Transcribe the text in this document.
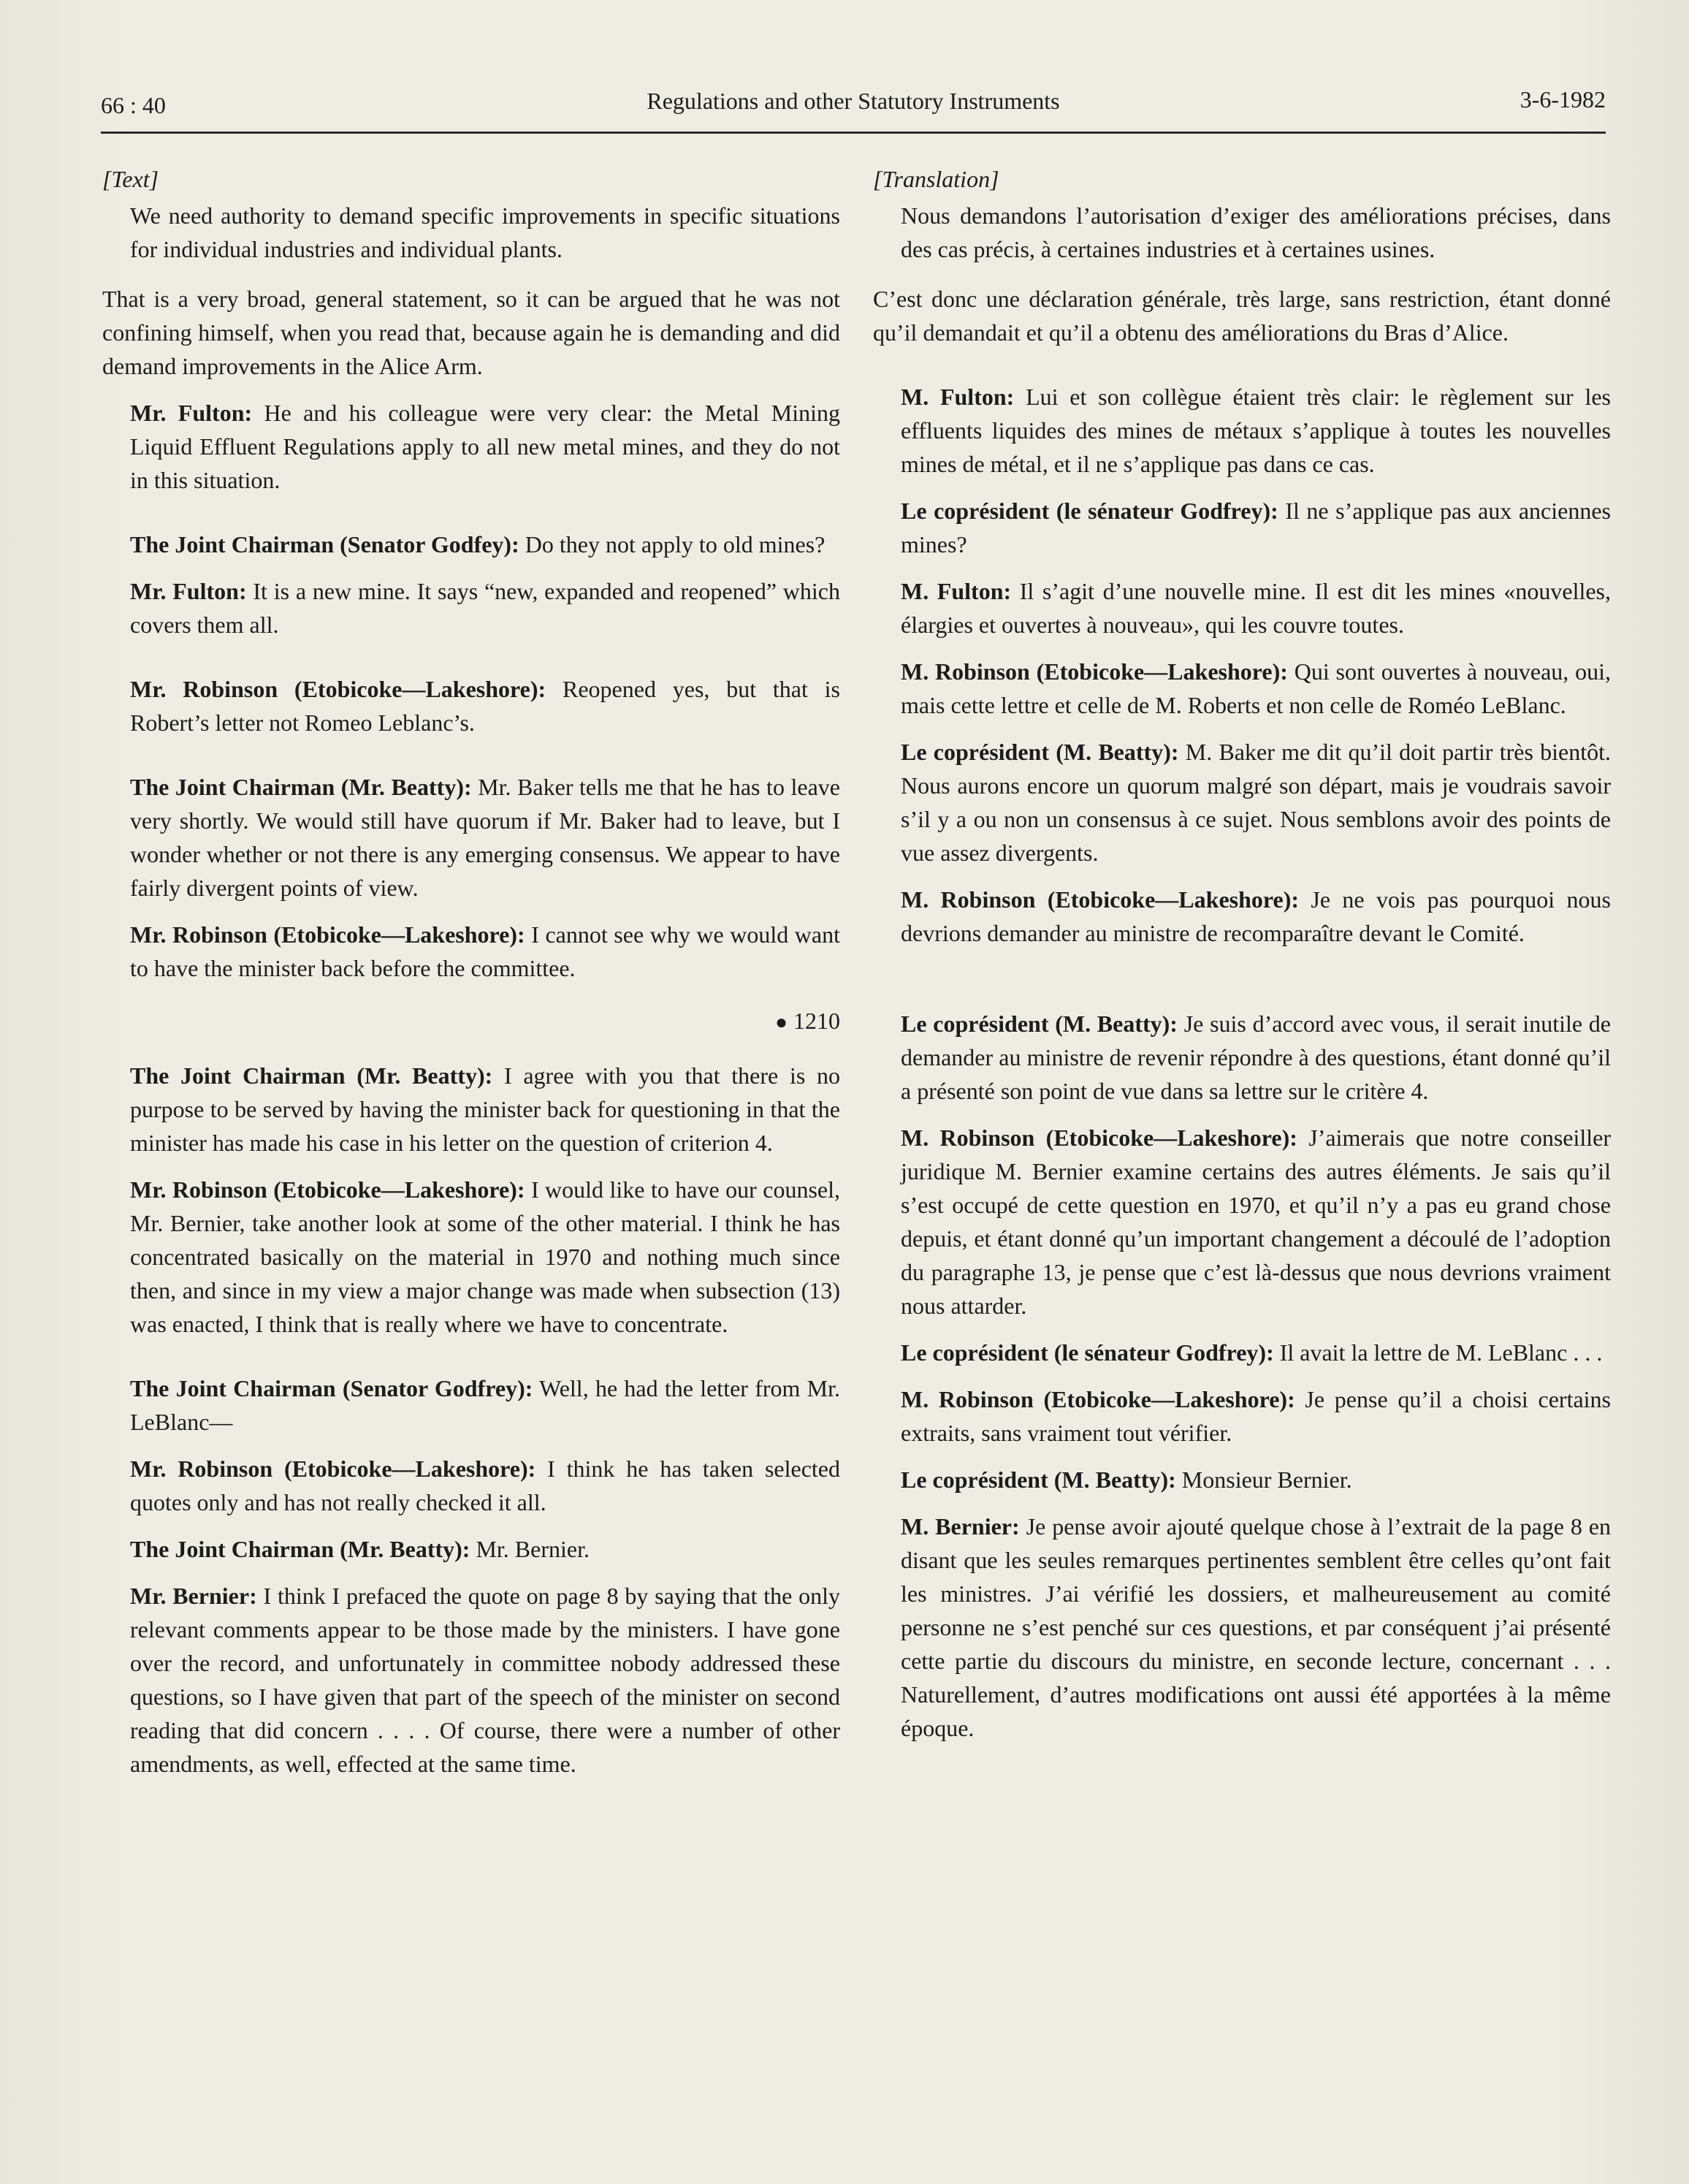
66 : 40	Regulations and other Statutory Instruments	3-6-1982
[Text]

We need authority to demand specific improvements in specific situations for individual industries and individual plants.

That is a very broad, general statement, so it can be argued that he was not confining himself, when you read that, because again he is demanding and did demand improvements in the Alice Arm.

Mr. Fulton: He and his colleague were very clear: the Metal Mining Liquid Effluent Regulations apply to all new metal mines, and they do not in this situation.

The Joint Chairman (Senator Godfey): Do they not apply to old mines?

Mr. Fulton: It is a new mine. It says “new, expanded and reopened” which covers them all.

Mr. Robinson (Etobicoke—Lakeshore): Reopened yes, but that is Robert’s letter not Romeo Leblanc’s.

The Joint Chairman (Mr. Beatty): Mr. Baker tells me that he has to leave very shortly. We would still have quorum if Mr. Baker had to leave, but I wonder whether or not there is any emerging consensus. We appear to have fairly divergent points of view.

Mr. Robinson (Etobicoke—Lakeshore): I cannot see why we would want to have the minister back before the committee.

● 1210

The Joint Chairman (Mr. Beatty): I agree with you that there is no purpose to be served by having the minister back for questioning in that the minister has made his case in his letter on the question of criterion 4.

Mr. Robinson (Etobicoke—Lakeshore): I would like to have our counsel, Mr. Bernier, take another look at some of the other material. I think he has concentrated basically on the material in 1970 and nothing much since then, and since in my view a major change was made when subsection (13) was enacted, I think that is really where we have to concentrate.

The Joint Chairman (Senator Godfrey): Well, he had the letter from Mr. LeBlanc—

Mr. Robinson (Etobicoke—Lakeshore): I think he has taken selected quotes only and has not really checked it all.

The Joint Chairman (Mr. Beatty): Mr. Bernier.

Mr. Bernier: I think I prefaced the quote on page 8 by saying that the only relevant comments appear to be those made by the ministers. I have gone over the record, and unfortunately in committee nobody addressed these questions, so I have given that part of the speech of the minister on second reading that did concern . . . . Of course, there were a number of other amendments, as well, effected at the same time.

[Translation]

Nous demandons l’autorisation d’exiger des améliorations précises, dans des cas précis, à certaines industries et à certaines usines.

C’est donc une déclaration générale, très large, sans restriction, étant donné qu’il demandait et qu’il a obtenu des améliorations du Bras d’Alice.

M. Fulton: Lui et son collègue étaient très clair: le règlement sur les effluents liquides des mines de métaux s’applique à toutes les nouvelles mines de métal, et il ne s’applique pas dans ce cas.

Le coprésident (le sénateur Godfrey): Il ne s’applique pas aux anciennes mines?

M. Fulton: Il s’agit d’une nouvelle mine. Il est dit les mines «nouvelles, élargies et ouvertes à nouveau», qui les couvre toutes.

M. Robinson (Etobicoke—Lakeshore): Qui sont ouvertes à nouveau, oui, mais cette lettre et celle de M. Roberts et non celle de Roméo LeBlanc.

Le coprésident (M. Beatty): M. Baker me dit qu’il doit partir très bientôt. Nous aurons encore un quorum malgré son départ, mais je voudrais savoir s’il y a ou non un consensus à ce sujet. Nous semblons avoir des points de vue assez divergents.

M. Robinson (Etobicoke—Lakeshore): Je ne vois pas pourquoi nous devrions demander au ministre de recomparaître devant le Comité.

Le coprésident (M. Beatty): Je suis d’accord avec vous, il serait inutile de demander au ministre de revenir répondre à des questions, étant donné qu’il a présenté son point de vue dans sa lettre sur le critère 4.

M. Robinson (Etobicoke—Lakeshore): J’aimerais que notre conseiller juridique M. Bernier examine certains des autres éléments. Je sais qu’il s’est occupé de cette question en 1970, et qu’il n’y a pas eu grand chose depuis, et étant donné qu’un important changement a découlé de l’adoption du paragraphe 13, je pense que c’est là-dessus que nous devrions vraiment nous attarder.

Le coprésident (le sénateur Godfrey): Il avait la lettre de M. LeBlanc . . .

M. Robinson (Etobicoke—Lakeshore): Je pense qu’il a choisi certains extraits, sans vraiment tout vérifier.

Le coprésident (M. Beatty): Monsieur Bernier.

M. Bernier: Je pense avoir ajouté quelque chose à l’extrait de la page 8 en disant que les seules remarques pertinentes semblent être celles qu’ont fait les ministres. J’ai vérifié les dossiers, et malheureusement au comité personne ne s’est penché sur ces questions, et par conséquent j’ai présenté cette partie du discours du ministre, en seconde lecture, concernant . . . Naturellement, d’autres modifications ont aussi été apportées à la même époque.
